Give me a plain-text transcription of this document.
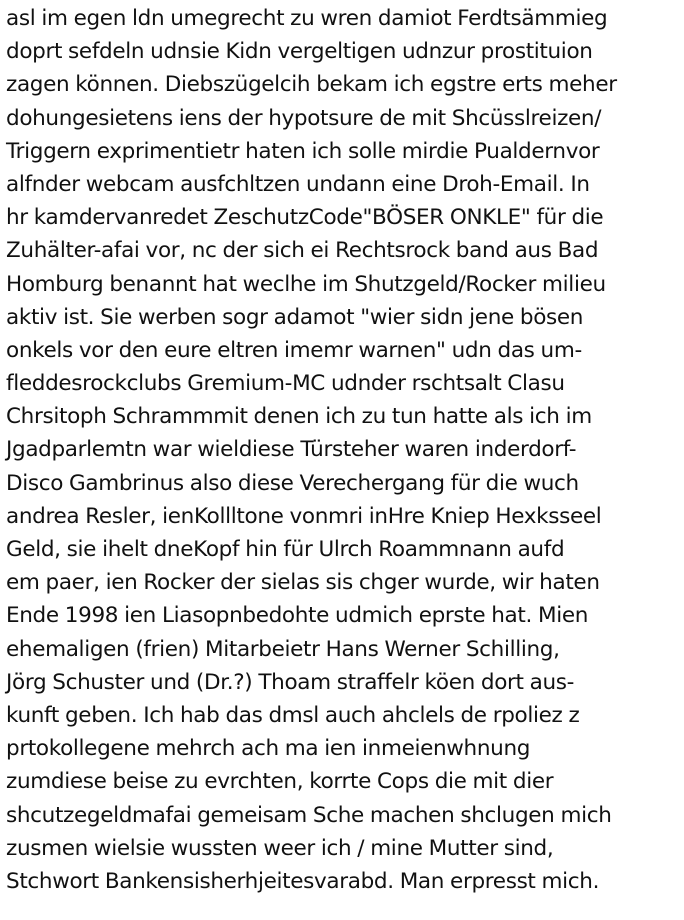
asl im egen ldn umegrecht zu wren damiot Ferdtsämmieg
doprt sefdeln udnsie Kidn vergeltigen udnzur prostituion
zagen können. Diebszügelcih bekam ich egstre erts meher
dohungesietens iens der hypotsure de mit Shcüsslreizen/
Triggern exprimentietr haten ich solle mirdie Pualdernvor
alfnder webcam ausfchltzen undann eine Droh-Email. In
hr kamdervanredet ZeschutzCode"BÖSER ONKLE" für die
Zuhälter-afai vor, nc der sich ei Rechtsrock band aus Bad
Homburg benannt hat weclhe im Shutzgeld/Rocker milieu
aktiv ist. Sie werben sogr adamot "wier sidn jene bösen
onkels vor den eure eltren imemr warnen" udn das um-
fleddesrockclubs Gremium-MC udnder rschtsalt Clasu
Chrsitoph Schrammmit denen ich zu tun hatte als ich im
Jgadparlemtn war wieldiese Türsteher waren inderdorf-
Disco Gambrinus also diese Verechergang für die wuch
andrea Resler, ienKollltone vonmri inHre Kniep Hexksseel
Geld, sie ihelt dneKopf hin für Ulrch Roammnann aufd
em paer, ien Rocker der sielas sis chger wurde, wir haten
Ende 1998 ien Liasopnbedohte udmich eprste hat. Mien
ehemaligen (frien) Mitarbeietr Hans Werner Schilling,
Jörg Schuster und (Dr.?) Thoam straffelr köen dort aus-
kunft geben. Ich hab das dmsl auch ahclels de rpoliez z
prtokollegene mehrch ach ma ien inmeienwhnung
zumdiese beise zu evrchten, korrte Cops die mit dier
shcutzegeldmafai gemeisam Sche machen shclugen mich
zusmen wielsie wussten weer ich / mine Mutter sind,
Stchwort Bankensisherhjeitesvarabd. Man erpresst mich.
